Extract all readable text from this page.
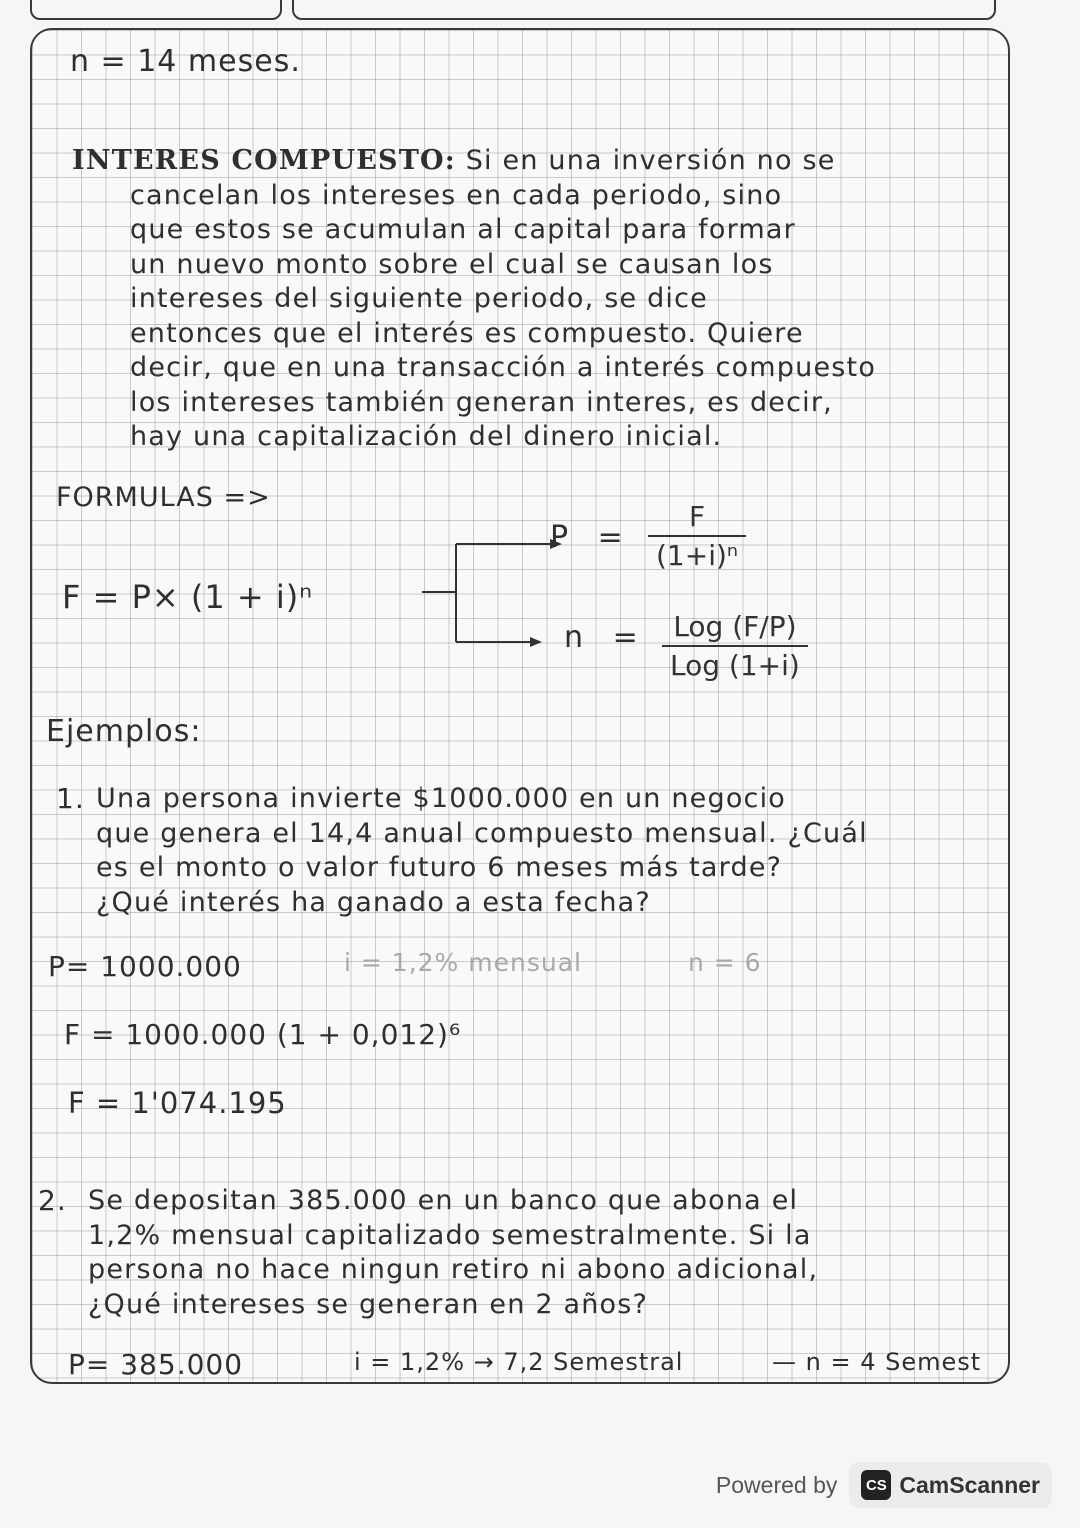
n = 14 meses.
INTERES COMPUESTO: Si en una inversión no se
cancelan los intereses en cada periodo, sino
que estos se acumulan al capital para formar
un nuevo monto sobre el cual se causan los
intereses del siguiente periodo, se dice
entonces que el interés es compuesto. Quiere
decir, que en una transacción a interés compuesto
los intereses también generan interes, es decir,
hay una capitalización del dinero inicial.
FORMULAS =>
F = P× (1 + i)ⁿ
P =
F
(1+i)ⁿ
n = Log (F/P)
Log (1+i)
Ejemplos:
1. Una persona invierte $1000.000 en un negocio
que genera el 14,4 anual compuesto mensual. ¿Cuál
es el monto o valor futuro 6 meses más tarde?
¿Qué interés ha ganado a esta fecha?
P= 1000.000	i = 1,2% mensual	n = 6
F = 1000.000 (1 + 0,012)⁶
F = 1'074.195
2. Se depositan 385.000 en un banco que abona el
1,2% mensual capitalizado semestralmente. Si la
persona no hace ningun retiro ni abono adicional,
¿Qué intereses se generan en 2 años?
P= 385.000	i = 1,2% → 7,2 Semestral	— n = 4 Semest
Powered by	CS CamScanner
